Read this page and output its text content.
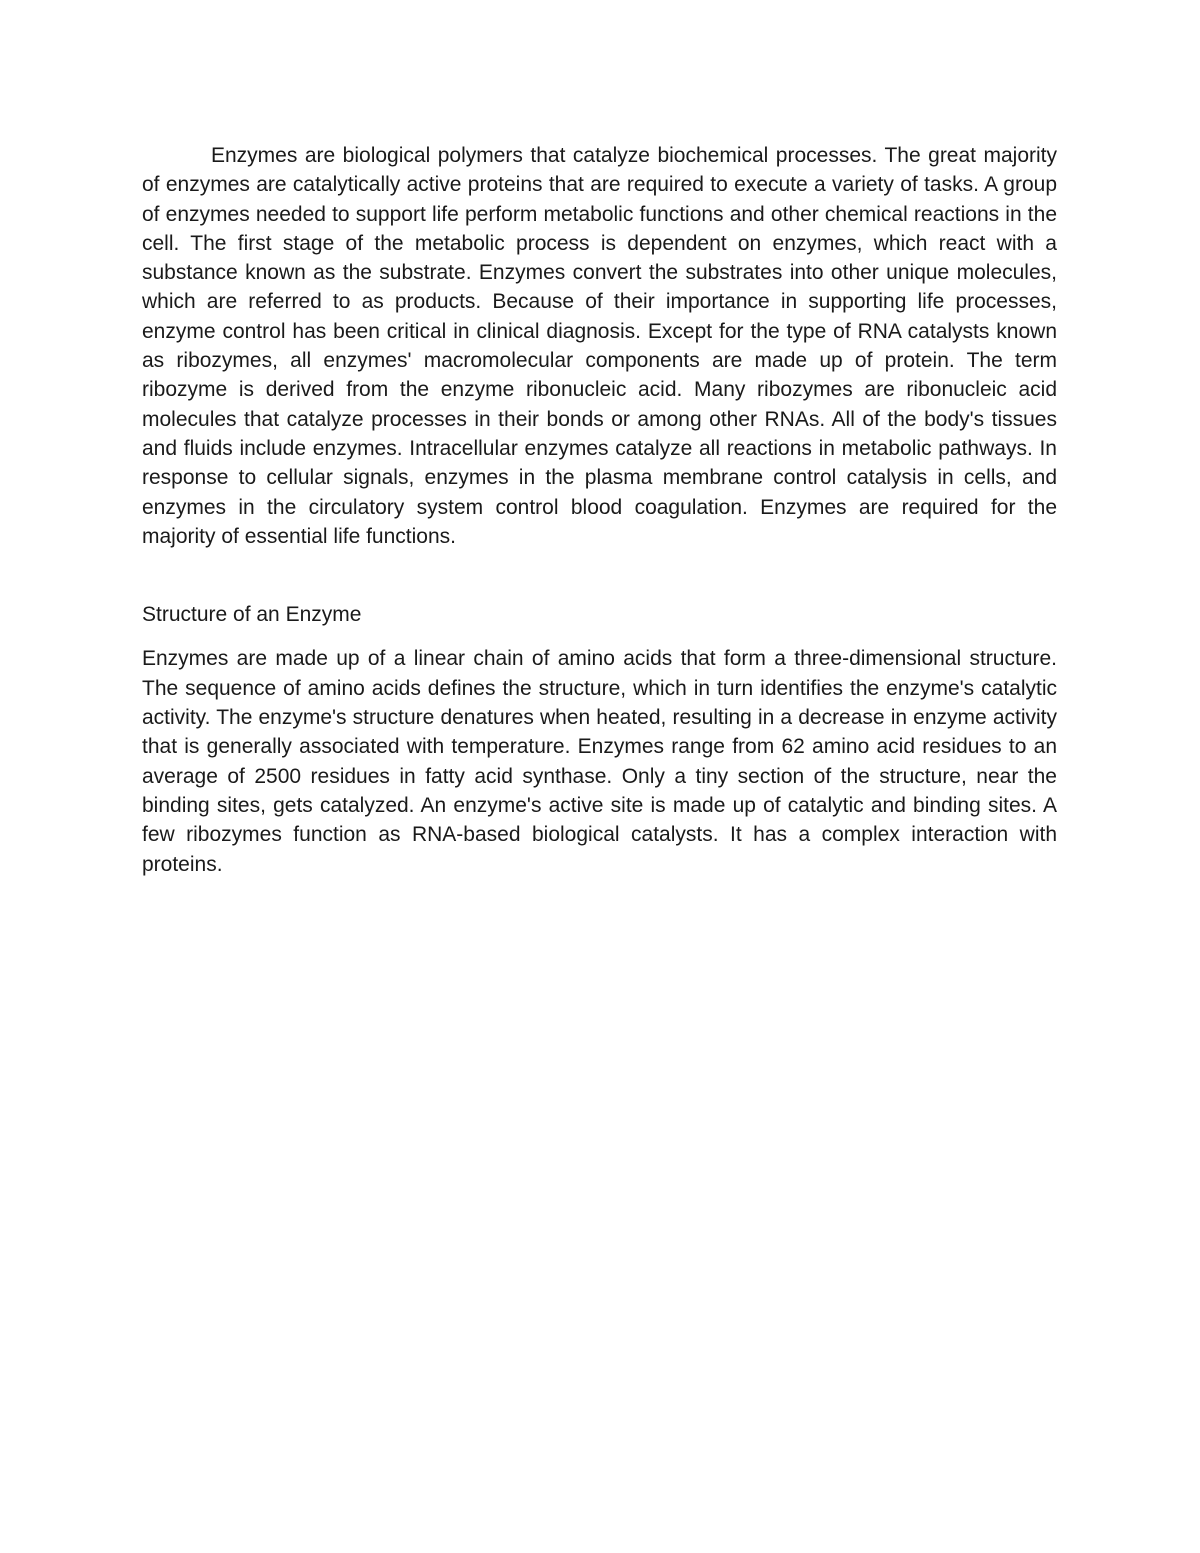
Enzymes are biological polymers that catalyze biochemical processes. The great majority of enzymes are catalytically active proteins that are required to execute a variety of tasks. A group of enzymes needed to support life perform metabolic functions and other chemical reactions in the cell. The first stage of the metabolic process is dependent on enzymes, which react with a substance known as the substrate. Enzymes convert the substrates into other unique molecules, which are referred to as products. Because of their importance in supporting life processes, enzyme control has been critical in clinical diagnosis. Except for the type of RNA catalysts known as ribozymes, all enzymes' macromolecular components are made up of protein. The term ribozyme is derived from the enzyme ribonucleic acid. Many ribozymes are ribonucleic acid molecules that catalyze processes in their bonds or among other RNAs. All of the body's tissues and fluids include enzymes. Intracellular enzymes catalyze all reactions in metabolic pathways. In response to cellular signals, enzymes in the plasma membrane control catalysis in cells, and enzymes in the circulatory system control blood coagulation. Enzymes are required for the majority of essential life functions.

Structure of an Enzyme

Enzymes are made up of a linear chain of amino acids that form a three-dimensional structure. The sequence of amino acids defines the structure, which in turn identifies the enzyme's catalytic activity. The enzyme's structure denatures when heated, resulting in a decrease in enzyme activity that is generally associated with temperature. Enzymes range from 62 amino acid residues to an average of 2500 residues in fatty acid synthase. Only a tiny section of the structure, near the binding sites, gets catalyzed. An enzyme's active site is made up of catalytic and binding sites. A few ribozymes function as RNA-based biological catalysts. It has a complex interaction with proteins.
